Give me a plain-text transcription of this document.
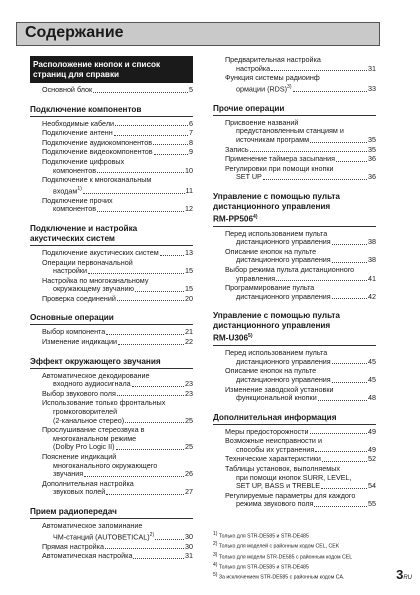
Содержание
Расположение кнопок и список
страниц для справки
Основной блок	5
Подключение компонентов
Необходимые кабели	6
Подключение антенн	7
Подключение аудиокомпонентов	8
Подключение видеокомпонентов	9
Подключение цифровых
компонентов	10
Подключение к многоканальным
входам$^{1)}$	11
Подключение прочих
компонентов	12
Подключение и настройка
акустических систем
Подключение акустических систем	13
Операции первоначальной
настройки	15
Настройка по многоканальному
окружающему звучанию	15
Проверка соединений	20
Основные операции
Выбор компонента	21
Изменение индикации	22
Эффект окружающего звучания
Автоматическое декодирование
входного аудиосигнала	23
Выбор звукового поля	23
Использование только фронтальных
громкоговорителей
(2-канальное стерео)	25
Прослушивание стереозвука в
многоканальном режиме
(Dolby Pro Logic II)	25
Пояснение индикаций
многоканального окружающего
звучания	26
Дополнительная настройка
звуковых полей	27
Прием радиопередач
Автоматическое запоминание
ЧМ-станций (AUTOBETICAL)$^{2)}$	30
Прямая настройка	30
Автоматическая настройка	31
Предварительная настройка
настройка	31
Функция системы радиоинф
ормации (RDS)$^{3)}$	33
Прочие операции
Присвоение названий
предустановленным станциям и
источникам программ	35
Запись	35
Применение таймера засыпания	36
Регулировки при помощи кнопки
SET UP	36
Управление с помощью пульта
дистанционного управления
RM-PP506$^{4)}$
Перед использованием пульта
дистанционного управления	38
Описание кнопок на пульте
дистанционного управления	38
Выбор режима пульта дистанционного
управления	41
Программирование пульта
дистанционного управления	42
Управление с помощью пульта
дистанционного управления
RM-U306$^{5)}$
Перед использованием пульта
дистанционного управления	45
Описание кнопок на пульте
дистанционного управления	45
Изменение заводской установки
функциональной кнопки	48
Дополнительная информация
Меры предосторожности	49
Возможные неисправности и
способы их устранения	49
Технические характеристики	52
Таблицы установок, выполняемых
при помощи кнопок SURR, LEVEL,
SET UP, BASS и TREBLE	54
Регулируемые параметры для каждого
режима звукового поля	55
$^{1)}$ Только для STR-DE585 и STR-DE485
$^{2)}$ Только для моделей с районным кодом CEL, CEK
$^{3)}$ Только для модели STR-DE585 с районным кодом CEL
$^{4)}$ Только для STR-DE585 и STR-DE485
$^{5)}$ За исключением STR-DE585 с районным кодом CA.	3RU
